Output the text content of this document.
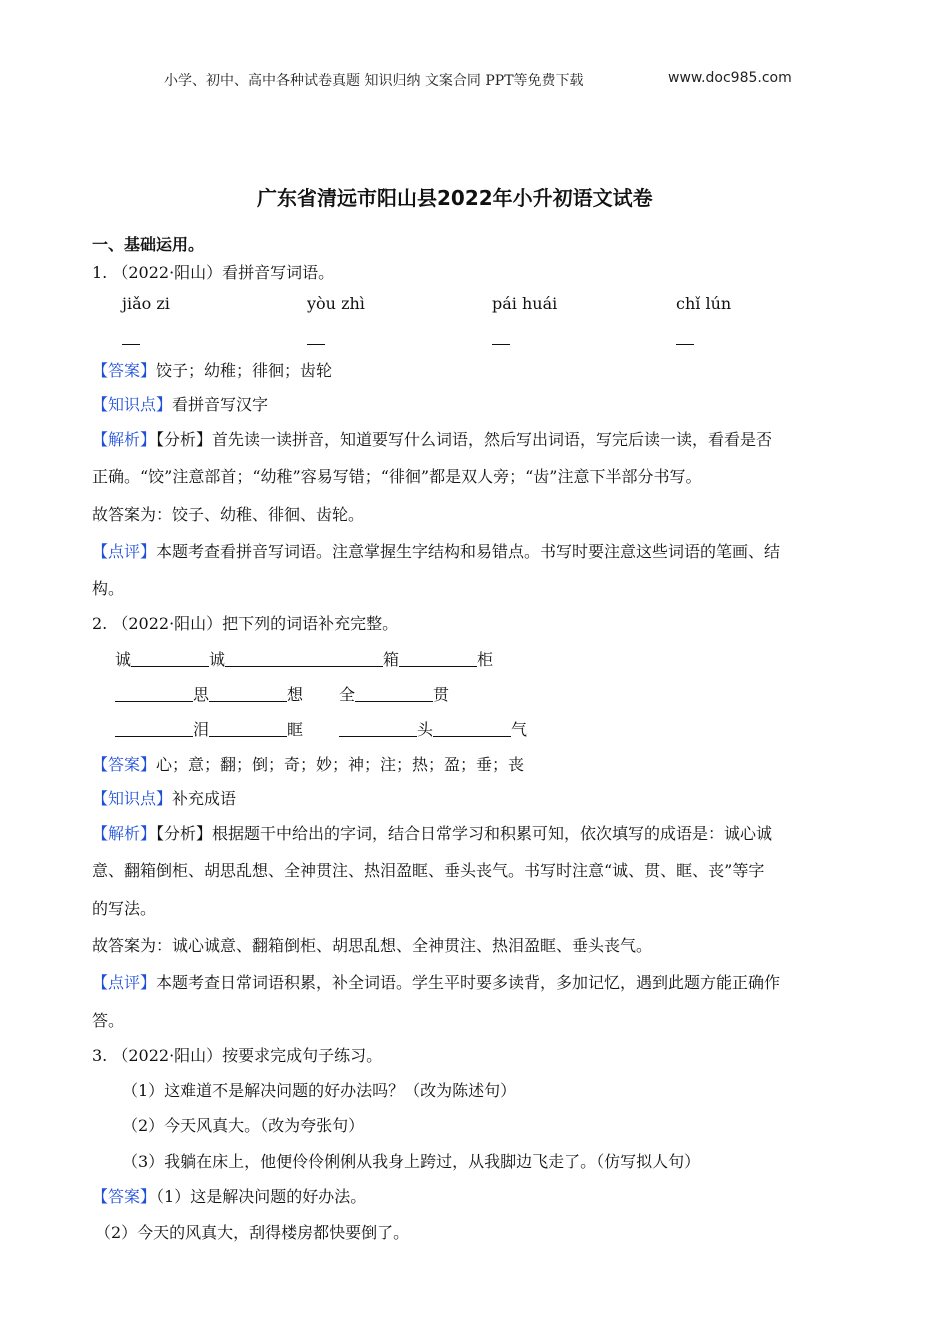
小学、初中、高中各种试卷真题 知识归纳 文案合同 PPT等免费下载	www.doc985.com
广东省清远市阳山县2022年小升初语文试卷
一、基础运用。
1. （2022·阳山）看拼音写词语。
jiǎo zi	yòu zhì	pái huái	chǐ lún
【答案】饺子；幼稚；徘徊；齿轮
【知识点】看拼音写汉字
【解析】【分析】首先读一读拼音，知道要写什么词语，然后写出词语，写完后读一读，看看是否
正确。“饺”注意部首；“幼稚”容易写错；“徘徊”都是双人旁；“齿”注意下半部分书写。
故答案为：饺子、幼稚、徘徊、齿轮。
【点评】本题考查看拼音写词语。注意掌握生字结构和易错点。书写时要注意这些词语的笔画、结
构。
2. （2022·阳山）把下列的词语补充完整。
诚	诚	箱	柜
思	想 全	贯
泪	眶	头	气
【答案】心；意；翻；倒；奇；妙；神；注；热；盈；垂；丧
【知识点】补充成语
【解析】【分析】根据题干中给出的字词，结合日常学习和积累可知，依次填写的成语是：诚心诚
意、翻箱倒柜、胡思乱想、全神贯注、热泪盈眶、垂头丧气。书写时注意“诚、贯、眶、丧”等字
的写法。
故答案为：诚心诚意、翻箱倒柜、胡思乱想、全神贯注、热泪盈眶、垂头丧气。
【点评】本题考查日常词语积累，补全词语。学生平时要多读背，多加记忆，遇到此题方能正确作
答。
3. （2022·阳山）按要求完成句子练习。
（1）这难道不是解决问题的好办法吗？（改为陈述句）
（2）今天风真大。（改为夸张句）
（3）我躺在床上，他便伶伶俐俐从我身上跨过，从我脚边飞走了。（仿写拟人句）
【答案】（1）这是解决问题的好办法。
（2）今天的风真大，刮得楼房都快要倒了。
